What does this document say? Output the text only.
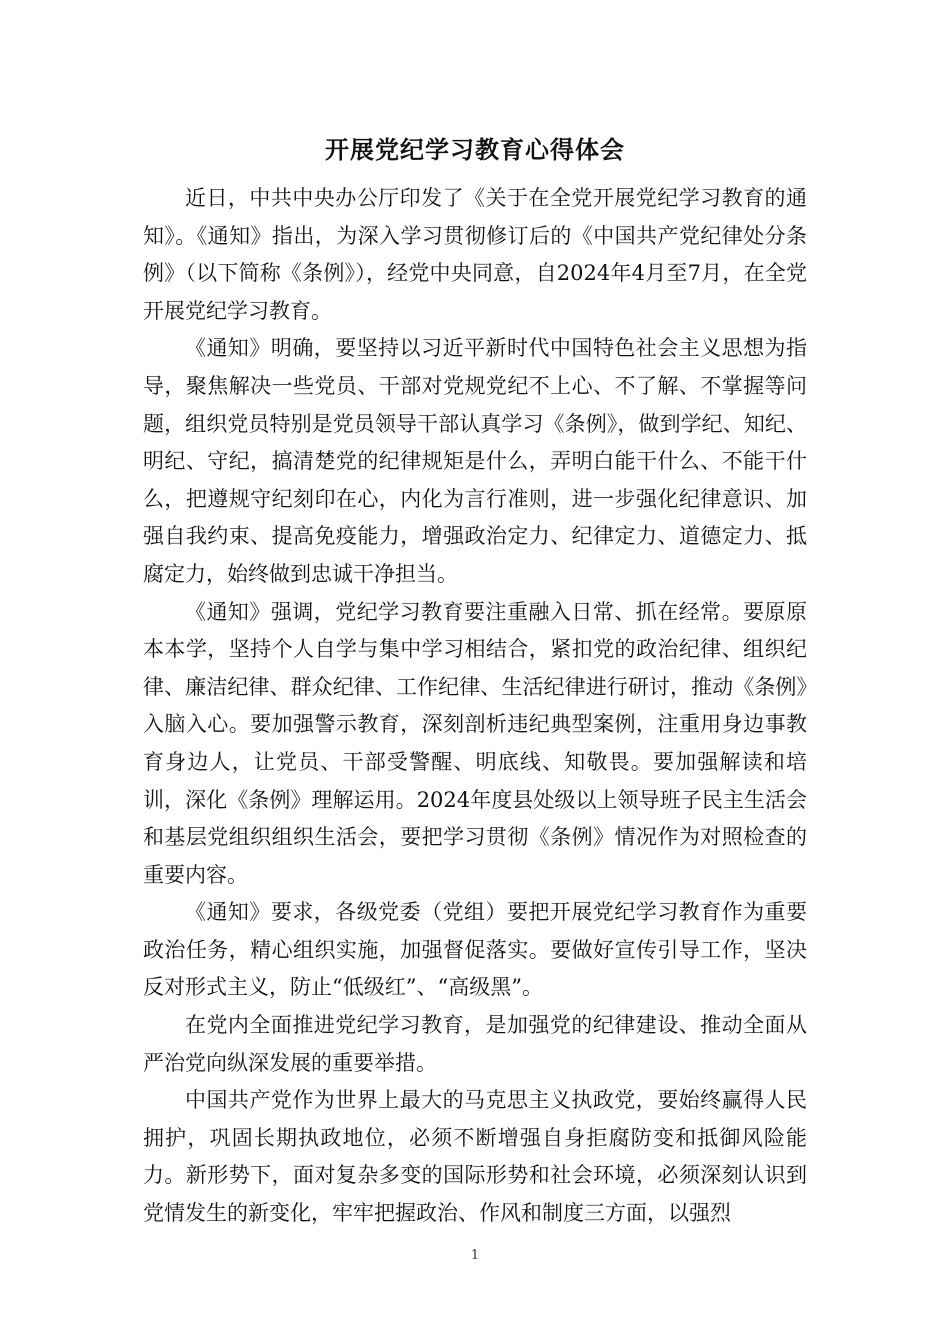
开展党纪学习教育心得体会

近日，中共中央办公厅印发了《关于在全党开展党纪学习教育的通知》。《通知》指出，为深入学习贯彻修订后的《中国共产党纪律处分条例》（以下简称《条例》），经党中央同意，自2024年4月至7月，在全党开展党纪学习教育。

《通知》明确，要坚持以习近平新时代中国特色社会主义思想为指导，聚焦解决一些党员、干部对党规党纪不上心、不了解、不掌握等问题，组织党员特别是党员领导干部认真学习《条例》，做到学纪、知纪、明纪、守纪，搞清楚党的纪律规矩是什么，弄明白能干什么、不能干什么，把遵规守纪刻印在心，内化为言行准则，进一步强化纪律意识、加强自我约束、提高免疫能力，增强政治定力、纪律定力、道德定力、抵腐定力，始终做到忠诚干净担当。

《通知》强调，党纪学习教育要注重融入日常、抓在经常。要原原本本学，坚持个人自学与集中学习相结合，紧扣党的政治纪律、组织纪律、廉洁纪律、群众纪律、工作纪律、生活纪律进行研讨，推动《条例》入脑入心。要加强警示教育，深刻剖析违纪典型案例，注重用身边事教育身边人，让党员、干部受警醒、明底线、知敬畏。要加强解读和培训，深化《条例》理解运用。2024年度县处级以上领导班子民主生活会和基层党组织组织生活会，要把学习贯彻《条例》情况作为对照检查的重要内容。

《通知》要求，各级党委（党组）要把开展党纪学习教育作为重要政治任务，精心组织实施，加强督促落实。要做好宣传引导工作，坚决反对形式主义，防止“低级红”、“高级黑”。

在党内全面推进党纪学习教育，是加强党的纪律建设、推动全面从严治党向纵深发展的重要举措。

中国共产党作为世界上最大的马克思主义执政党，要始终赢得人民拥护，巩固长期执政地位，必须不断增强自身拒腐防变和抵御风险能力。新形势下，面对复杂多变的国际形势和社会环境，必须深刻认识到党情发生的新变化，牢牢把握政治、作风和制度三方面，以强烈

1
